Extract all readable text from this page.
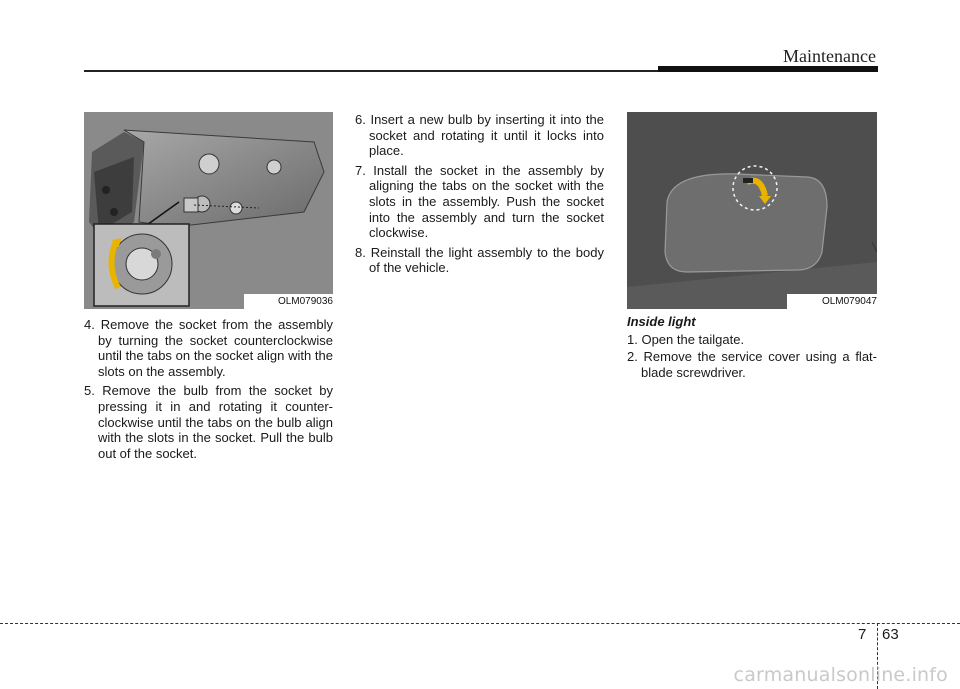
Maintenance
OLM079036	OLM079047

4. Remove the socket from the assembly by turning the socket counterclockwise until the tabs on the socket align with the slots on the assembly.

5. Remove the bulb from the socket by pressing it in and rotating it counter-clockwise until the tabs on the bulb align with the slots in the socket. Pull the bulb out of the socket.

6. Insert a new bulb by inserting it into the socket and rotating it until it locks into place.

7. Install the socket in the assembly by aligning the tabs on the socket with the slots in the assembly. Push the socket into the assembly and turn the socket clockwise.

8. Reinstall the light assembly to the body of the vehicle.

Inside light

1. Open the tailgate.

2. Remove the service cover using a flat-blade screwdriver.

7 63
carmanualsonline.info
